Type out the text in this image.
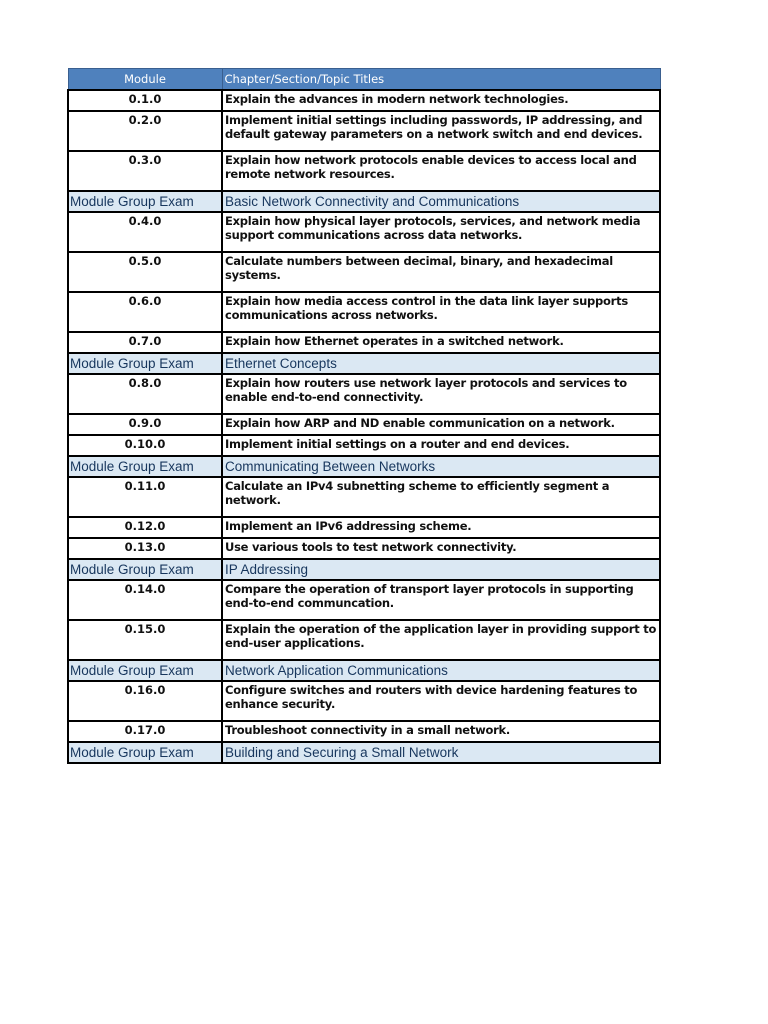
Module	Chapter/Section/Topic Titles
0.1.0	Explain the advances in modern network technologies.

0.2.0	Implement initial settings including passwords, IP addressing, and default gateway parameters on a network switch and end devices.

0.3.0	Explain how network protocols enable devices to access local and remote network resources.

Module Group Exam	Basic Network Connectivity and Communications
0.4.0	Explain how physical layer protocols, services, and network media support communications across data networks.

0.5.0	Calculate numbers between decimal, binary, and hexadecimal systems.

0.6.0	Explain how media access control in the data link layer supports communications across networks.

0.7.0	Explain how Ethernet operates in a switched network.

Module Group Exam	Ethernet Concepts
0.8.0	Explain how routers use network layer protocols and services to enable end-to-end connectivity.

0.9.0	Explain how ARP and ND enable communication on a network.

0.10.0	Implement initial settings on a router and end devices.

Module Group Exam	Communicating Between Networks
0.11.0	Calculate an IPv4 subnetting scheme to efficiently segment a network.

0.12.0	Implement an IPv6 addressing scheme.

0.13.0	Use various tools to test network connectivity.

Module Group Exam	IP Addressing
0.14.0	Compare the operation of transport layer protocols in supporting end-to-end communcation.

0.15.0	Explain the operation of the application layer in providing support to end-user applications.

Module Group Exam	Network Application Communications
0.16.0	Configure switches and routers with device hardening features to enhance security.

0.17.0	Troubleshoot connectivity in a small network.

Module Group Exam	Building and Securing a Small Network
